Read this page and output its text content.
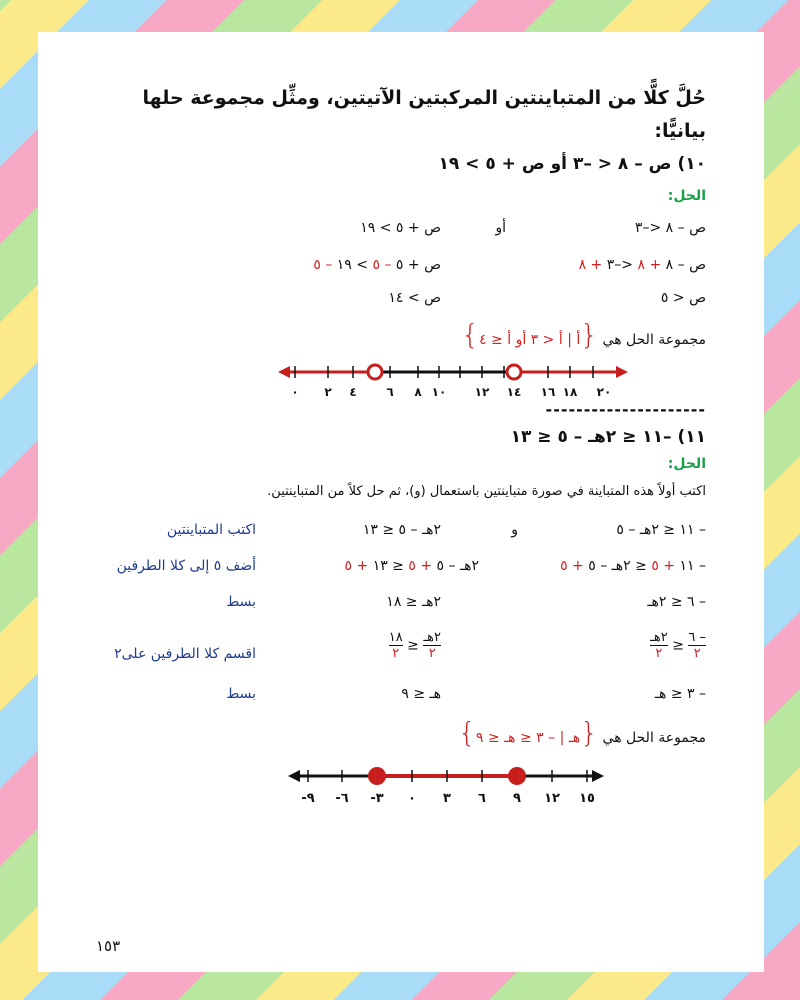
حُلَّ كلًّا من المتباينتين المركبتين الآتيتين، ومثِّل مجموعة حلها
بيانيًّا:
١٠) ص – ٨ < –٣ أو ص + ٥ > ١٩
الحل:
ص – ٨ <–٣
أو
ص + ٥ > ١٩
ص – ٨ + ٨ <–٣ + ٨
ص + ٥ – ٥ > ١٩ – ٥
ص < ٥
ص > ١٤
مجموعة الحل هي {أ | أ < ٣ أو أ ≤ ٤}
٠ ٢ ٤ ٦ ٨ ١٠ ١٢ ١٤ ١٦ ١٨ ٢٠
---------------------
١١) –١١ ≤ ٢هـ – ٥ ≤ ١٣
الحل:
اكتب أولاً هذه المتباينة في صورة متباينتين باستعمال (و)، ثم حل كلاً من المتباينتين.
– ١١ ≤ ٢هـ – ٥
و
٢هـ – ٥ ≤ ١٣
اكتب المتباينتين
– ١١ + ٥ ≤ ٢هـ – ٥ + ٥
٢هـ – ٥ + ٥ ≤ ١٣ + ٥
أضف ٥ إلى كلا الطرفين
– ٦ ≤ ٢هـ
٢هـ ≤ ١٨
بسط
$\frac{- ٦}{٢}$
≤
$\frac{\text{٢هـ}}{٢}$
$\frac{\text{٢هـ}}{٢}$
≤
$\frac{١٨}{٢}$
اقسم كلا الطرفين على٢
– ٣ ≤ هـ
هـ ≤ ٩
بسط
مجموعة الحل هي {هـ | – ٣ ≤ هـ ≤ ٩}
٩- ٦- ٣- ٠ ٣ ٦ ٩ ١٢ ١٥
١٥٣
